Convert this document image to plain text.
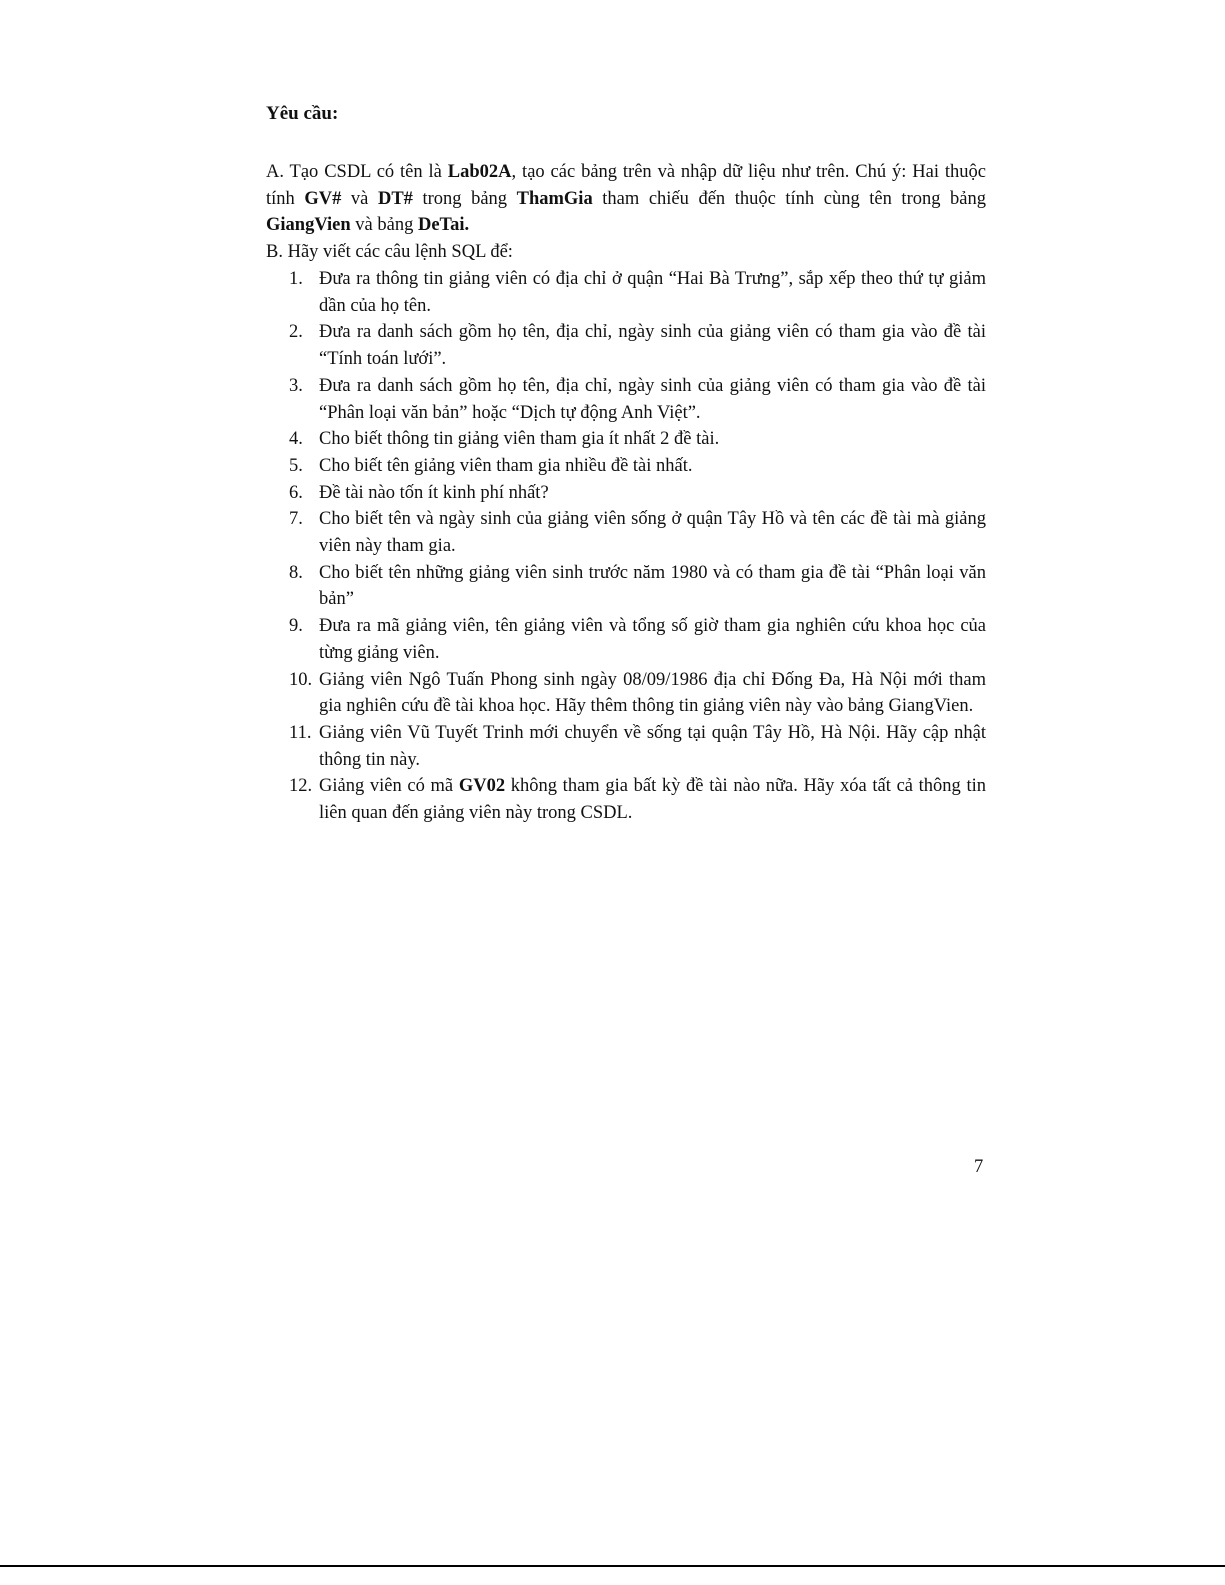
Yêu cầu:

A. Tạo CSDL có tên là Lab02A, tạo các bảng trên và nhập dữ liệu như trên. Chú ý: Hai thuộc tính GV# và DT# trong bảng ThamGia tham chiếu đến thuộc tính cùng tên trong bảng GiangVien và bảng DeTai.

B. Hãy viết các câu lệnh SQL để:

1. Đưa ra thông tin giảng viên có địa chỉ ở quận “Hai Bà Trưng”, sắp xếp theo thứ tự giảm dần của họ tên.
2. Đưa ra danh sách gồm họ tên, địa chỉ, ngày sinh của giảng viên có tham gia vào đề tài “Tính toán lưới”.
3. Đưa ra danh sách gồm họ tên, địa chỉ, ngày sinh của giảng viên có tham gia vào đề tài “Phân loại văn bản” hoặc “Dịch tự động Anh Việt”.
4. Cho biết thông tin giảng viên tham gia ít nhất 2 đề tài.
5. Cho biết tên giảng viên tham gia nhiều đề tài nhất.
6. Đề tài nào tốn ít kinh phí nhất?
7. Cho biết tên và ngày sinh của giảng viên sống ở quận Tây Hồ và tên các đề tài mà giảng viên này tham gia.
8. Cho biết tên những giảng viên sinh trước năm 1980 và có tham gia đề tài “Phân loại văn bản”
9. Đưa ra mã giảng viên, tên giảng viên và tổng số giờ tham gia nghiên cứu khoa học của từng giảng viên.
10. Giảng viên Ngô Tuấn Phong sinh ngày 08/09/1986 địa chỉ Đống Đa, Hà Nội mới tham gia nghiên cứu đề tài khoa học. Hãy thêm thông tin giảng viên này vào bảng GiangVien.
11. Giảng viên Vũ Tuyết Trinh mới chuyển về sống tại quận Tây Hồ, Hà Nội. Hãy cập nhật thông tin này.
12. Giảng viên có mã GV02 không tham gia bất kỳ đề tài nào nữa. Hãy xóa tất cả thông tin liên quan đến giảng viên này trong CSDL.
7
